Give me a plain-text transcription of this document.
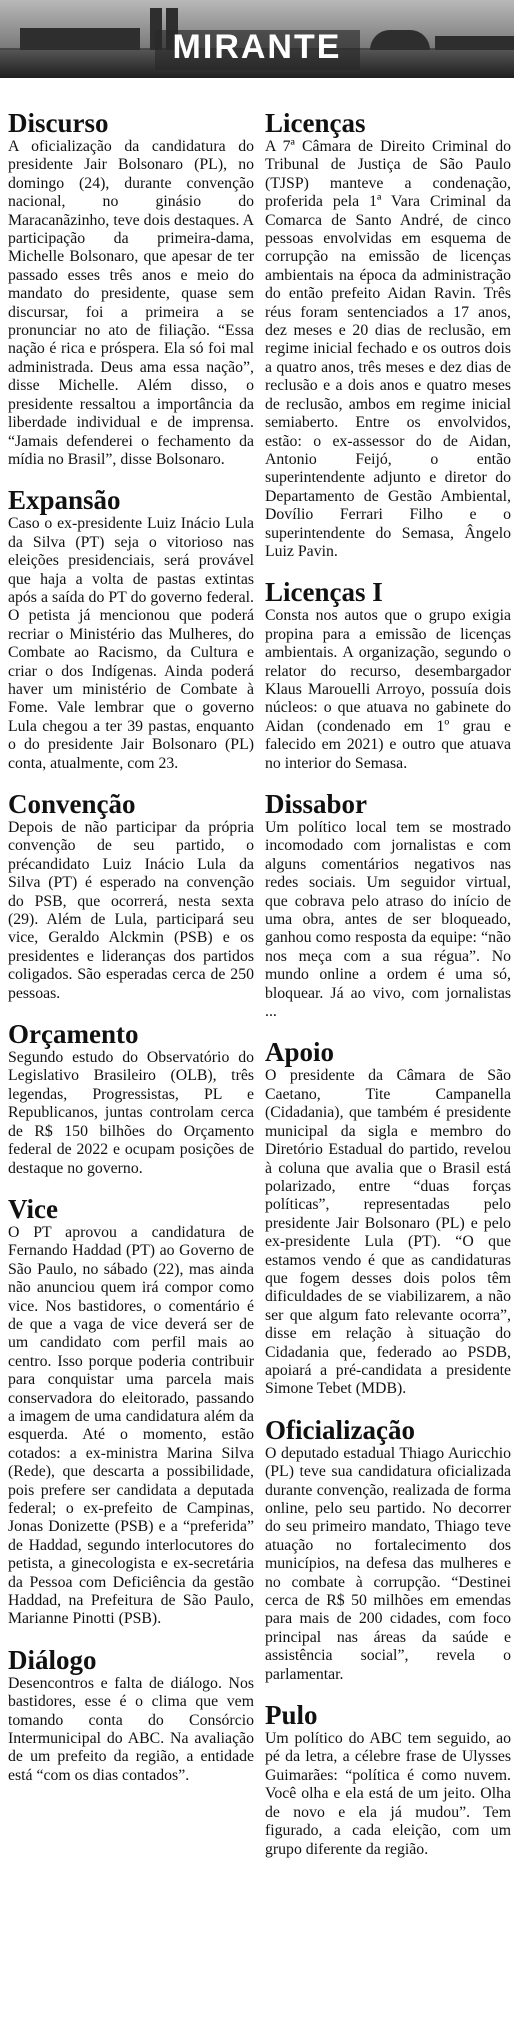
MIRANTE
Discurso

A oficialização da candidatura do presidente Jair Bolsonaro (PL), no domingo (24), durante convenção nacional, no ginásio do Maracanãzinho, teve dois destaques. A participação da primeira-dama, Michelle Bolsonaro, que apesar de ter passado esses três anos e meio do mandato do presidente, quase sem discursar, foi a primeira a se pronunciar no ato de filiação. “Essa nação é rica e próspera. Ela só foi mal administrada. Deus ama essa nação”, disse Michelle. Além disso, o presidente ressaltou a importância da liberdade individual e de imprensa. “Jamais defenderei o fechamento da mídia no Brasil”, disse Bolsonaro.

Expansão

Caso o ex-presidente Luiz Inácio Lula da Silva (PT) seja o vitorioso nas eleições presidenciais, será provável que haja a volta de pastas extintas após a saída do PT do governo federal. O petista já mencionou que poderá recriar o Ministério das Mulheres, do Combate ao Racismo, da Cultura e criar o dos Indígenas. Ainda poderá haver um ministério de Combate à Fome. Vale lembrar que o governo Lula chegou a ter 39 pastas, enquanto o do presidente Jair Bolsonaro (PL) conta, atualmente, com 23.

Convenção

Depois de não participar da própria convenção de seu partido, o précandidato Luiz Inácio Lula da Silva (PT) é esperado na convenção do PSB, que ocorrerá, nesta sexta (29). Além de Lula, participará seu vice, Geraldo Alckmin (PSB) e os presidentes e lideranças dos partidos coligados. São esperadas cerca de 250 pessoas.

Orçamento

Segundo estudo do Observatório do Legislativo Brasileiro (OLB), três legendas, Progressistas, PL e Republicanos, juntas controlam cerca de R$ 150 bilhões do Orçamento federal de 2022 e ocupam posições de destaque no governo.

Vice

O PT aprovou a candidatura de Fernando Haddad (PT) ao Governo de São Paulo, no sábado (22), mas ainda não anunciou quem irá compor como vice. Nos bastidores, o comentário é de que a vaga de vice deverá ser de um candidato com perfil mais ao centro. Isso porque poderia contribuir para conquistar uma parcela mais conservadora do eleitorado, passando a imagem de uma candidatura além da esquerda. Até o momento, estão cotados: a ex-ministra Marina Silva (Rede), que descarta a possibilidade, pois prefere ser candidata a deputada federal; o ex-prefeito de Campinas, Jonas Donizette (PSB) e a “preferida” de Haddad, segundo interlocutores do petista, a ginecologista e ex-secretária da Pessoa com Deficiência da gestão Haddad, na Prefeitura de São Paulo, Marianne Pinotti (PSB).

Diálogo

Desencontros e falta de diálogo. Nos bastidores, esse é o clima que vem tomando conta do Consórcio Intermunicipal do ABC. Na avaliação de um prefeito da região, a entidade está “com os dias contados”.

Licenças

A 7ª Câmara de Direito Criminal do Tribunal de Justiça de São Paulo (TJSP) manteve a condenação, proferida pela 1ª Vara Criminal da Comarca de Santo André, de cinco pessoas envolvidas em esquema de corrupção na emissão de licenças ambientais na época da administração do então prefeito Aidan Ravin. Três réus foram sentenciados a 17 anos, dez meses e 20 dias de reclusão, em regime inicial fechado e os outros dois a quatro anos, três meses e dez dias de reclusão e a dois anos e quatro meses de reclusão, ambos em regime inicial semiaberto. Entre os envolvidos, estão: o ex-assessor do de Aidan, Antonio Feijó, o então superintendente adjunto e diretor do Departamento de Gestão Ambiental, Dovílio Ferrari Filho e o superintendente do Semasa, Ângelo Luiz Pavin.

Licenças I

Consta nos autos que o grupo exigia propina para a emissão de licenças ambientais. A organização, segundo o relator do recurso, desembargador Klaus Marouelli Arroyo, possuía dois núcleos: o que atuava no gabinete do Aidan (condenado em 1º grau e falecido em 2021) e outro que atuava no interior do Semasa.

Dissabor

Um político local tem se mostrado incomodado com jornalistas e com alguns comentários negativos nas redes sociais. Um seguidor virtual, que cobrava pelo atraso do início de uma obra, antes de ser bloqueado, ganhou como resposta da equipe: “não nos meça com a sua régua”. No mundo online a ordem é uma só, bloquear. Já ao vivo, com jornalistas ...

Apoio

O presidente da Câmara de São Caetano, Tite Campanella (Cidadania), que também é presidente municipal da sigla e membro do Diretório Estadual do partido, revelou à coluna que avalia que o Brasil está polarizado, entre “duas forças políticas”, representadas pelo presidente Jair Bolsonaro (PL) e pelo ex-presidente Lula (PT). “O que estamos vendo é que as candidaturas que fogem desses dois polos têm dificuldades de se viabilizarem, a não ser que algum fato relevante ocorra”, disse em relação à situação do Cidadania que, federado ao PSDB, apoiará a pré-candidata a presidente Simone Tebet (MDB).

Oficialização

O deputado estadual Thiago Auricchio (PL) teve sua candidatura oficializada durante convenção, realizada de forma online, pelo seu partido. No decorrer do seu primeiro mandato, Thiago teve atuação no fortalecimento dos municípios, na defesa das mulheres e no combate à corrupção. “Destinei cerca de R$ 50 milhões em emendas para mais de 200 cidades, com foco principal nas áreas da saúde e assistência social”, revela o parlamentar.

Pulo

Um político do ABC tem seguido, ao pé da letra, a célebre frase de Ulysses Guimarães: “política é como nuvem. Você olha e ela está de um jeito. Olha de novo e ela já mudou”. Tem figurado, a cada eleição, com um grupo diferente da região.
